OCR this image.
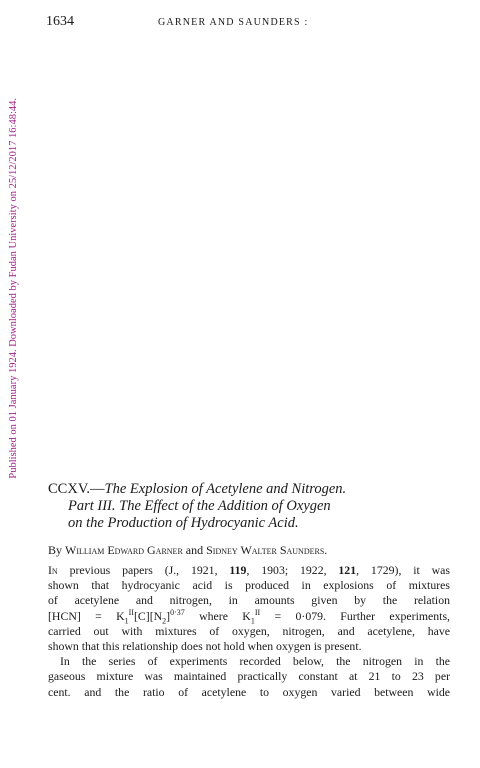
1634	GARNER AND SAUNDERS :
Published on 01 January 1924. Downloaded by Fudan University on 25/12/2017 16:48:44.
CCXV.—The Explosion of Acetylene and Nitrogen.
Part III. The Effect of the Addition of Oxygen
on the Production of Hydrocyanic Acid.
By William Edward Garner and Sidney Walter Saunders.
In previous papers (J., 1921, 119, 1903; 1922, 121, 1729), it was
shown that hydrocyanic acid is produced in explosions of mixtures
of acetylene and nitrogen, in amounts given by the relation
$[HCN] = K_1^{II}[C][N_2]^{0\cdot 37}$ where $K_1^{II} = 0\cdot 079$. Further experiments,
carried out with mixtures of oxygen, nitrogen, and acetylene, have
shown that this relationship does not hold when oxygen is present.
In the series of experiments recorded below, the nitrogen in the
gaseous mixture was maintained practically constant at 21 to 23 per
cent. and the ratio of acetylene to oxygen varied between wide
